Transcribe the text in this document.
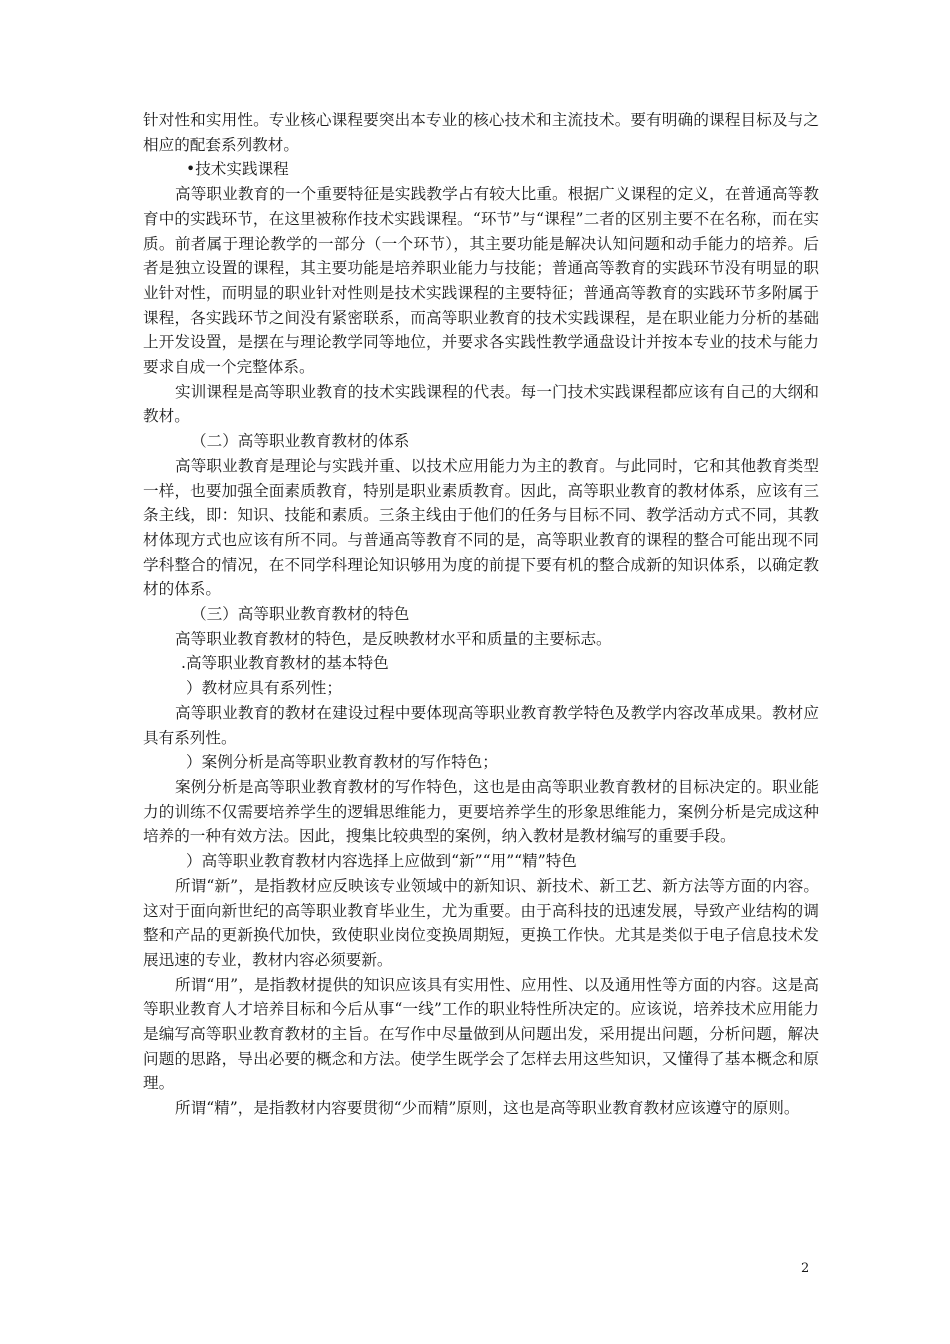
针对性和实用性。专业核心课程要突出本专业的核心技术和主流技术。要有明确的课程目标及与之相应的配套系列教材。

•技术实践课程

高等职业教育的一个重要特征是实践教学占有较大比重。根据广义课程的定义，在普通高等教育中的实践环节，在这里被称作技术实践课程。“环节”与“课程”二者的区别主要不在名称，而在实质。前者属于理论教学的一部分（一个环节），其主要功能是解决认知问题和动手能力的培养。后者是独立设置的课程，其主要功能是培养职业能力与技能；普通高等教育的实践环节没有明显的职业针对性，而明显的职业针对性则是技术实践课程的主要特征；普通高等教育的实践环节多附属于课程，各实践环节之间没有紧密联系，而高等职业教育的技术实践课程，是在职业能力分析的基础上开发设置，是摆在与理论教学同等地位，并要求各实践性教学通盘设计并按本专业的技术与能力要求自成一个完整体系。

实训课程是高等职业教育的技术实践课程的代表。每一门技术实践课程都应该有自己的大纲和教材。

（二）高等职业教育教材的体系

高等职业教育是理论与实践并重、以技术应用能力为主的教育。与此同时，它和其他教育类型一样，也要加强全面素质教育，特别是职业素质教育。因此，高等职业教育的教材体系，应该有三条主线，即：知识、技能和素质。三条主线由于他们的任务与目标不同、教学活动方式不同，其教材体现方式也应该有所不同。与普通高等教育不同的是，高等职业教育的课程的整合可能出现不同学科整合的情况，在不同学科理论知识够用为度的前提下要有机的整合成新的知识体系，以确定教材的体系。

（三）高等职业教育教材的特色

高等职业教育教材的特色，是反映教材水平和质量的主要标志。

.高等职业教育教材的基本特色

）教材应具有系列性；

高等职业教育的教材在建设过程中要体现高等职业教育教学特色及教学内容改革成果。教材应具有系列性。

）案例分析是高等职业教育教材的写作特色；

案例分析是高等职业教育教材的写作特色，这也是由高等职业教育教材的目标决定的。职业能力的训练不仅需要培养学生的逻辑思维能力，更要培养学生的形象思维能力，案例分析是完成这种培养的一种有效方法。因此，搜集比较典型的案例，纳入教材是教材编写的重要手段。

）高等职业教育教材内容选择上应做到“新”“用”“精”特色

所谓“新”，是指教材应反映该专业领域中的新知识、新技术、新工艺、新方法等方面的内容。这对于面向新世纪的高等职业教育毕业生，尤为重要。由于高科技的迅速发展，导致产业结构的调整和产品的更新换代加快，致使职业岗位变换周期短，更换工作快。尤其是类似于电子信息技术发展迅速的专业，教材内容必须要新。

所谓“用”，是指教材提供的知识应该具有实用性、应用性、以及通用性等方面的内容。这是高等职业教育人才培养目标和今后从事“一线”工作的职业特性所决定的。应该说，培养技术应用能力是编写高等职业教育教材的主旨。在写作中尽量做到从问题出发，采用提出问题，分析问题，解决问题的思路，导出必要的概念和方法。使学生既学会了怎样去用这些知识，又懂得了基本概念和原理。

所谓“精”，是指教材内容要贯彻“少而精”原则，这也是高等职业教育教材应该遵守的原则。

2
